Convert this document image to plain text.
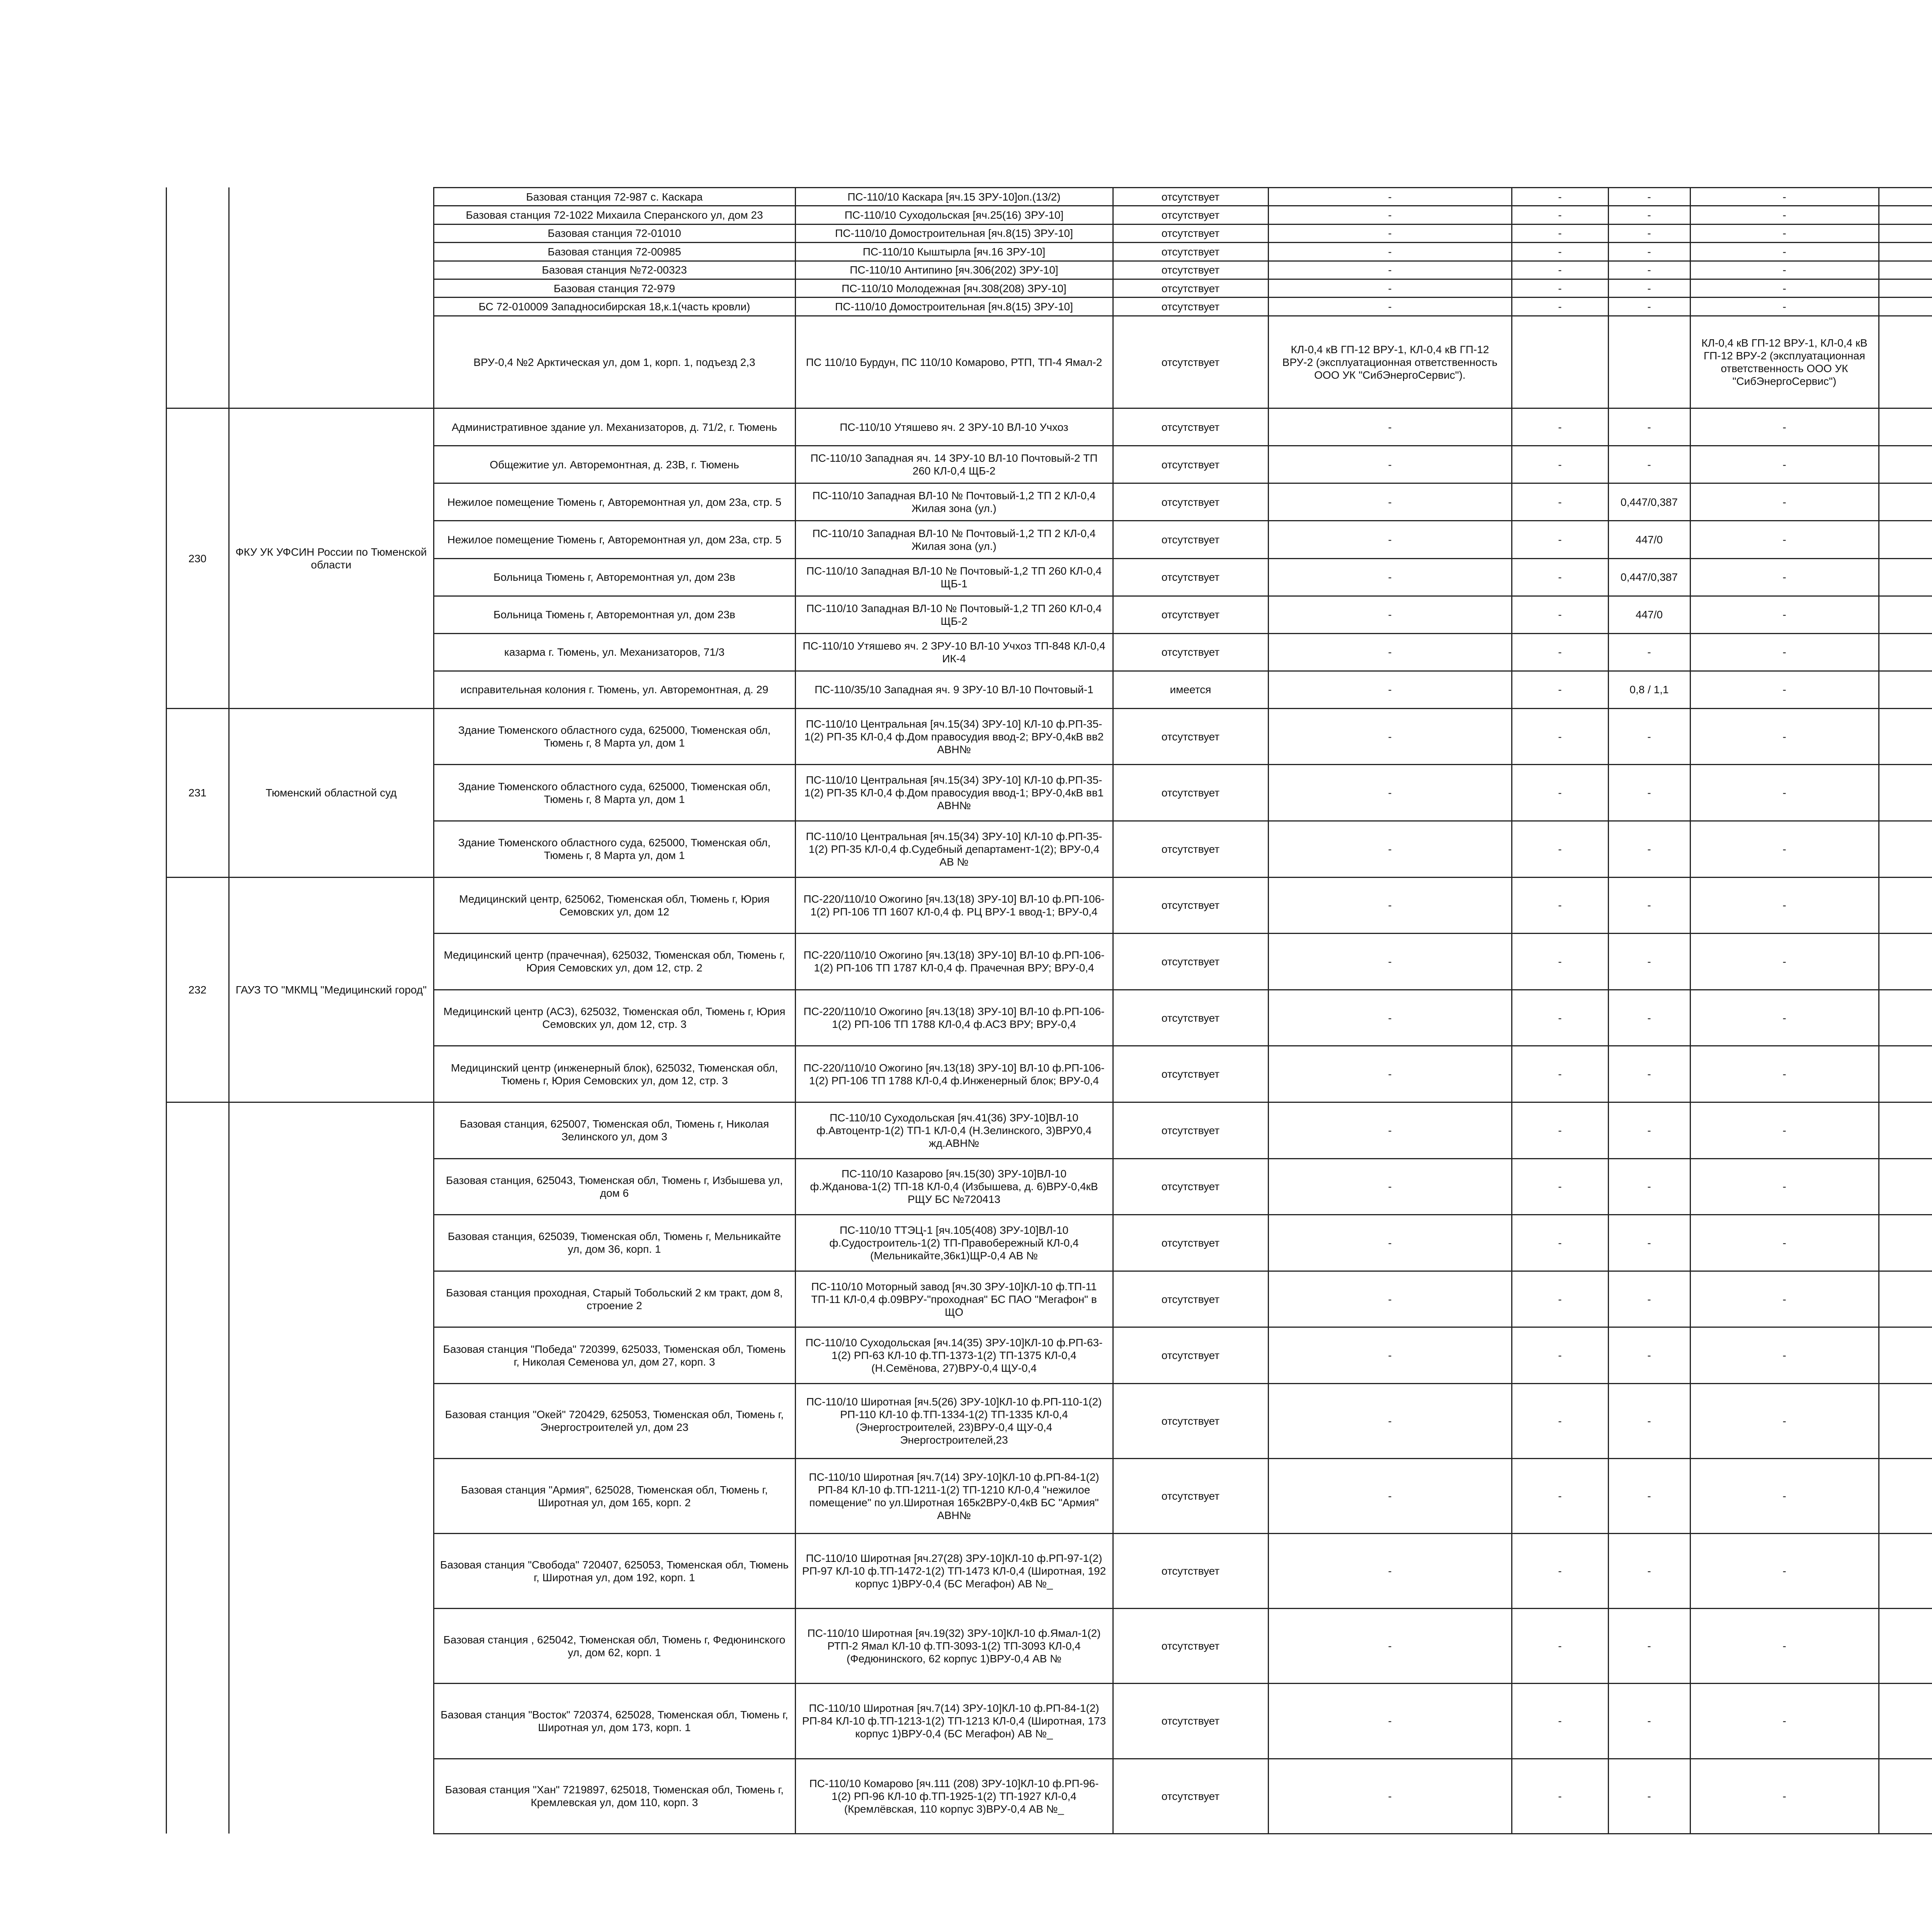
			Базовая станция 72-987 с. Каскара	ПС-110/10 Каскара [яч.15 ЗРУ-10]оп.(13/2)	отсутствует	-	-	-	-			
			Базовая станция 72-1022 Михаила Сперанского ул, дом 23	ПС-110/10 Суходольская [яч.25(16) ЗРУ-10]	отсутствует	-	-	-	-			
			Базовая станция 72-01010	ПС-110/10 Домостроительная [яч.8(15) ЗРУ-10]	отсутствует	-	-	-	-			
			Базовая станция 72-00985	ПС-110/10 Кыштырла [яч.16 ЗРУ-10]	отсутствует	-	-	-	-			
			Базовая станция №72-00323	ПС-110/10 Антипино [яч.306(202) ЗРУ-10]	отсутствует	-	-	-	-			
			Базовая станция 72-979	ПС-110/10 Молодежная [яч.308(208) ЗРУ-10]	отсутствует	-	-	-	-			
			БС 72-010009 Западносибирская 18,к.1(часть кровли)	ПС-110/10 Домостроительная [яч.8(15) ЗРУ-10]	отсутствует	-	-	-	-			
			ВРУ-0,4 №2 Арктическая ул, дом 1, корп. 1, подъезд 2,3	ПС 110/10 Бурдун, ПС 110/10 Комарово, РТП, ТП-4 Ямал-2	отсутствует	КЛ-0,4 кВ ГП-12 ВРУ-1, КЛ-0,4 кВ ГП-12 ВРУ-2 (эксплуатационная ответственность ООО УК "СибЭнергоСервис").			КЛ-0,4 кВ ГП-12 ВРУ-1, КЛ-0,4 кВ ГП-12 ВРУ-2 (эксплуатационная ответственность ООО УК "СибЭнергоСервис")			
	230	ФКУ УК УФСИН России по Тюменской области	Административное здание ул. Механизаторов, д. 71/2, г. Тюмень	ПС-110/10 Утяшево яч. 2 ЗРУ-10 ВЛ-10 Учхоз	отсутствует	-	-	-	-			
			Общежитие ул. Авторемонтная, д. 23В, г. Тюмень	ПС-110/10 Западная яч. 14 ЗРУ-10 ВЛ-10 Почтовый-2 ТП 260 КЛ-0,4 ЩБ-2	отсутствует	-	-	-	-			
			Нежилое помещение Тюмень г, Авторемонтная ул, дом 23а, стр. 5	ПС-110/10 Западная ВЛ-10 № Почтовый-1,2 ТП 2 КЛ-0,4 Жилая зона (ул.)	отсутствует	-	-	0,447/0,387	-			
			Нежилое помещение Тюмень г, Авторемонтная ул, дом 23а, стр. 5	ПС-110/10 Западная ВЛ-10 № Почтовый-1,2 ТП 2 КЛ-0,4 Жилая зона (ул.)	отсутствует	-	-	447/0	-			
			Больница Тюмень г, Авторемонтная ул, дом 23в	ПС-110/10 Западная ВЛ-10 № Почтовый-1,2 ТП 260 КЛ-0,4 ЩБ-1	отсутствует	-	-	0,447/0,387	-			
			Больница Тюмень г, Авторемонтная ул, дом 23в	ПС-110/10 Западная ВЛ-10 № Почтовый-1,2 ТП 260 КЛ-0,4 ЩБ-2	отсутствует	-	-	447/0	-			
			казарма г. Тюмень, ул. Механизаторов, 71/3	ПС-110/10 Утяшево яч. 2 ЗРУ-10 ВЛ-10 Учхоз ТП-848 КЛ-0,4 ИК-4	отсутствует	-	-	-	-			
			исправительная колония г. Тюмень, ул. Авторемонтная, д. 29	ПС-110/35/10 Западная яч. 9 ЗРУ-10 ВЛ-10 Почтовый-1	имеется	-	-	0,8 / 1,1	-			
	231	Тюменский областной суд	Здание Тюменского областного суда, 625000, Тюменская обл, Тюмень г, 8 Марта ул, дом 1	ПС-110/10 Центральная [яч.15(34) ЗРУ-10] КЛ-10 ф.РП-35-1(2) РП-35 КЛ-0,4 ф.Дом правосудия ввод-2; ВРУ-0,4кВ вв2 АВН№	отсутствует	-	-	-	-			
			Здание Тюменского областного суда, 625000, Тюменская обл, Тюмень г, 8 Марта ул, дом 1	ПС-110/10 Центральная [яч.15(34) ЗРУ-10] КЛ-10 ф.РП-35-1(2) РП-35 КЛ-0,4 ф.Дом правосудия ввод-1; ВРУ-0,4кВ вв1 АВН№	отсутствует	-	-	-	-			
			Здание Тюменского областного суда, 625000, Тюменская обл, Тюмень г, 8 Марта ул, дом 1	ПС-110/10 Центральная [яч.15(34) ЗРУ-10] КЛ-10 ф.РП-35-1(2) РП-35 КЛ-0,4 ф.Судебный департамент-1(2); ВРУ-0,4 АВ №	отсутствует	-	-	-	-			
	232	ГАУЗ ТО "МКМЦ "Медицинский город"	Медицинский центр, 625062, Тюменская обл, Тюмень г, Юрия Семовских ул, дом 12	ПС-220/110/10 Ожогино [яч.13(18) ЗРУ-10] ВЛ-10 ф.РП-106-1(2) РП-106 ТП 1607 КЛ-0,4 ф. РЦ ВРУ-1 ввод-1; ВРУ-0,4	отсутствует	-	-	-	-			
			Медицинский центр (прачечная), 625032, Тюменская обл, Тюмень г, Юрия Семовских ул, дом 12, стр. 2	ПС-220/110/10 Ожогино [яч.13(18) ЗРУ-10] ВЛ-10 ф.РП-106-1(2) РП-106 ТП 1787 КЛ-0,4 ф. Прачечная ВРУ; ВРУ-0,4	отсутствует	-	-	-	-			
			Медицинский центр (АСЗ), 625032, Тюменская обл, Тюмень г, Юрия Семовских ул, дом 12, стр. 3	ПС-220/110/10 Ожогино [яч.13(18) ЗРУ-10] ВЛ-10 ф.РП-106-1(2) РП-106 ТП 1788 КЛ-0,4 ф.АСЗ ВРУ; ВРУ-0,4	отсутствует	-	-	-	-			
			Медицинский центр (инженерный блок), 625032, Тюменская обл, Тюмень г, Юрия Семовских ул, дом 12, стр. 3	ПС-220/110/10 Ожогино [яч.13(18) ЗРУ-10] ВЛ-10 ф.РП-106-1(2) РП-106 ТП 1788 КЛ-0,4 ф.Инженерный блок; ВРУ-0,4	отсутствует	-	-	-	-			
			Базовая станция, 625007, Тюменская обл, Тюмень г, Николая Зелинского ул, дом 3	ПС-110/10 Суходольская [яч.41(36) ЗРУ-10]ВЛ-10 ф.Автоцентр-1(2) ТП-1 КЛ-0,4 (Н.Зелинского, 3)ВРУ0,4 жд.АВН№	отсутствует	-	-	-	-			
			Базовая станция, 625043, Тюменская обл, Тюмень г, Избышева ул, дом 6	ПС-110/10 Казарово [яч.15(30) ЗРУ-10]ВЛ-10 ф.Жданова-1(2) ТП-18 КЛ-0,4 (Избышева, д. 6)ВРУ-0,4кВ РЩУ БС №720413	отсутствует	-	-	-	-			
			Базовая станция, 625039, Тюменская обл, Тюмень г, Мельникайте ул, дом 36, корп. 1	ПС-110/10 ТТЭЦ-1 [яч.105(408) ЗРУ-10]ВЛ-10 ф.Судостроитель-1(2) ТП-Правобережный КЛ-0,4 (Мельникайте,36к1)ЩР-0,4 АВ №	отсутствует	-	-	-	-			
			Базовая станция проходная, Старый Тобольский 2 км тракт, дом 8, строение 2	ПС-110/10 Моторный завод [яч.30 ЗРУ-10]КЛ-10 ф.ТП-11 ТП-11 КЛ-0,4 ф.09ВРУ-"проходная" БС ПАО "Мегафон" в ЩО	отсутствует	-	-	-	-			
			Базовая станция "Победа" 720399, 625033, Тюменская обл, Тюмень г, Николая Семенова ул, дом 27, корп. 3	ПС-110/10 Суходольская [яч.14(35) ЗРУ-10]КЛ-10 ф.РП-63-1(2) РП-63 КЛ-10 ф.ТП-1373-1(2) ТП-1375 КЛ-0,4 (Н.Семёнова, 27)ВРУ-0,4 ЩУ-0,4	отсутствует	-	-	-	-			
			Базовая станция "Окей" 720429, 625053, Тюменская обл, Тюмень г, Энергостроителей ул, дом 23	ПС-110/10 Широтная [яч.5(26) ЗРУ-10]КЛ-10 ф.РП-110-1(2) РП-110 КЛ-10 ф.ТП-1334-1(2) ТП-1335 КЛ-0,4 (Энергостроителей, 23)ВРУ-0,4 ЩУ-0,4 Энергостроителей,23	отсутствует	-	-	-	-			
			Базовая станция "Армия", 625028, Тюменская обл, Тюмень г, Широтная ул, дом 165, корп. 2	ПС-110/10 Широтная [яч.7(14) ЗРУ-10]КЛ-10 ф.РП-84-1(2) РП-84 КЛ-10 ф.ТП-1211-1(2) ТП-1210 КЛ-0,4 "нежилое помещение" по ул.Широтная 165к2ВРУ-0,4кВ БС "Армия" АВН№	отсутствует	-	-	-	-			
			Базовая станция "Свобода" 720407, 625053, Тюменская обл, Тюмень г, Широтная ул, дом 192, корп. 1	ПС-110/10 Широтная [яч.27(28) ЗРУ-10]КЛ-10 ф.РП-97-1(2) РП-97 КЛ-10 ф.ТП-1472-1(2) ТП-1473 КЛ-0,4 (Широтная, 192 корпус 1)ВРУ-0,4 (БС Мегафон) АВ №_	отсутствует	-	-	-	-			
			Базовая станция , 625042, Тюменская обл, Тюмень г, Федюнинского ул, дом 62, корп. 1	ПС-110/10 Широтная [яч.19(32) ЗРУ-10]КЛ-10 ф.Ямал-1(2) РТП-2 Ямал КЛ-10 ф.ТП-3093-1(2) ТП-3093 КЛ-0,4 (Федюнинского, 62 корпус 1)ВРУ-0,4 АВ №	отсутствует	-	-	-	-			
			Базовая станция "Восток" 720374, 625028, Тюменская обл, Тюмень г, Широтная ул, дом 173, корп. 1	ПС-110/10 Широтная [яч.7(14) ЗРУ-10]КЛ-10 ф.РП-84-1(2) РП-84 КЛ-10 ф.ТП-1213-1(2) ТП-1213 КЛ-0,4 (Широтная, 173 корпус 1)ВРУ-0,4 (БС Мегафон) АВ №_	отсутствует	-	-	-	-			
			Базовая станция "Хан" 7219897, 625018, Тюменская обл, Тюмень г, Кремлевская ул, дом 110, корп. 3	ПС-110/10 Комарово [яч.111 (208) ЗРУ-10]КЛ-10 ф.РП-96-1(2) РП-96 КЛ-10 ф.ТП-1925-1(2) ТП-1927 КЛ-0,4 (Кремлёвская, 110 корпус 3)ВРУ-0,4 АВ №_	отсутствует	-	-	-	-			
